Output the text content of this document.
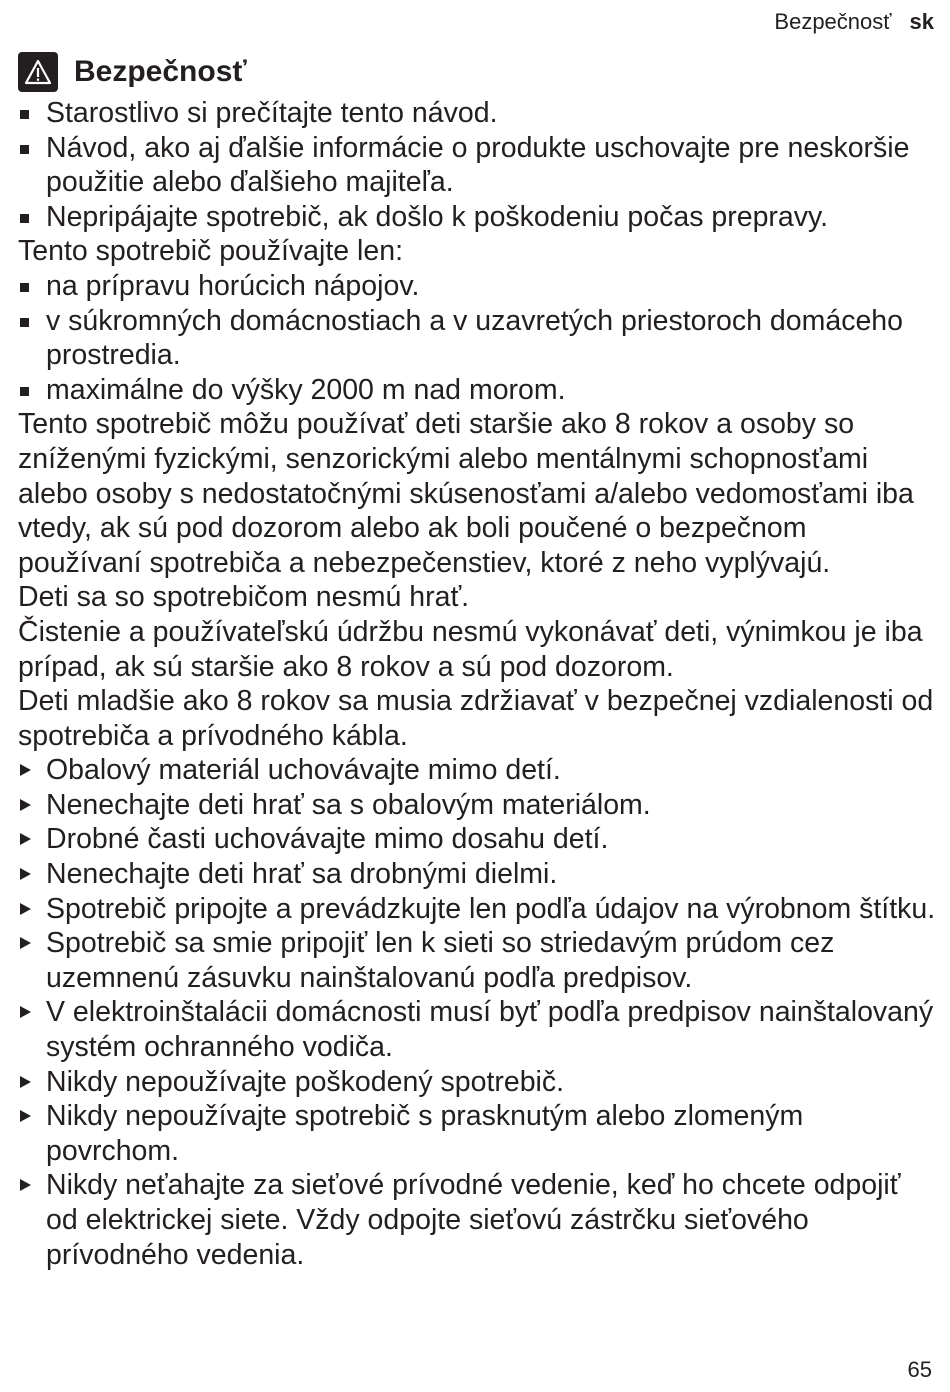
Bezpečnosť sk
Bezpečnosť
Starostlivo si prečítajte tento návod.
Návod, ako aj ďalšie informácie o produkte uschovajte pre neskoršie použitie alebo ďalšieho majiteľa.
Nepripájajte spotrebič, ak došlo k poškodeniu počas prepravy.

Tento spotrebič používajte len:

na prípravu horúcich nápojov.
v súkromných domácnostiach a v uzavretých priestoroch domáceho prostredia.
maximálne do výšky 2000 m nad morom.

Tento spotrebič môžu používať deti staršie ako 8 rokov a osoby so zníženými fyzickými, senzorickými alebo mentálnymi schopnosťami alebo osoby s nedostatočnými skúsenosťami a/alebo vedomosťami iba vtedy, ak sú pod dozorom alebo ak boli poučené o bezpečnom používaní spotrebiča a nebezpečenstiev, ktoré z neho vyplývajú.

Deti sa so spotrebičom nesmú hrať.

Čistenie a používateľskú údržbu nesmú vykonávať deti, výnimkou je iba prípad, ak sú staršie ako 8 rokov a sú pod dozorom.

Deti mladšie ako 8 rokov sa musia zdržiavať v bezpečnej vzdialenosti od spotrebiča a prívodného kábla.

Obalový materiál uchovávajte mimo detí.
Nenechajte deti hrať sa s obalovým materiálom.
Drobné časti uchovávajte mimo dosahu detí.
Nenechajte deti hrať sa drobnými dielmi.
Spotrebič pripojte a prevádzkujte len podľa údajov na výrobnom štítku.
Spotrebič sa smie pripojiť len k sieti so striedavým prúdom cez uzemnenú zásuvku nainštalovanú podľa predpisov.
V elektroinštalácii domácnosti musí byť podľa predpisov nainštalovaný systém ochranného vodiča.
Nikdy nepoužívajte poškodený spotrebič.
Nikdy nepoužívajte spotrebič s prasknutým alebo zlomeným povrchom.
Nikdy neťahajte za sieťové prívodné vedenie, keď ho chcete odpojiť od elektrickej siete. Vždy odpojte sieťovú zástrčku sieťového prívodného vedenia.
65
